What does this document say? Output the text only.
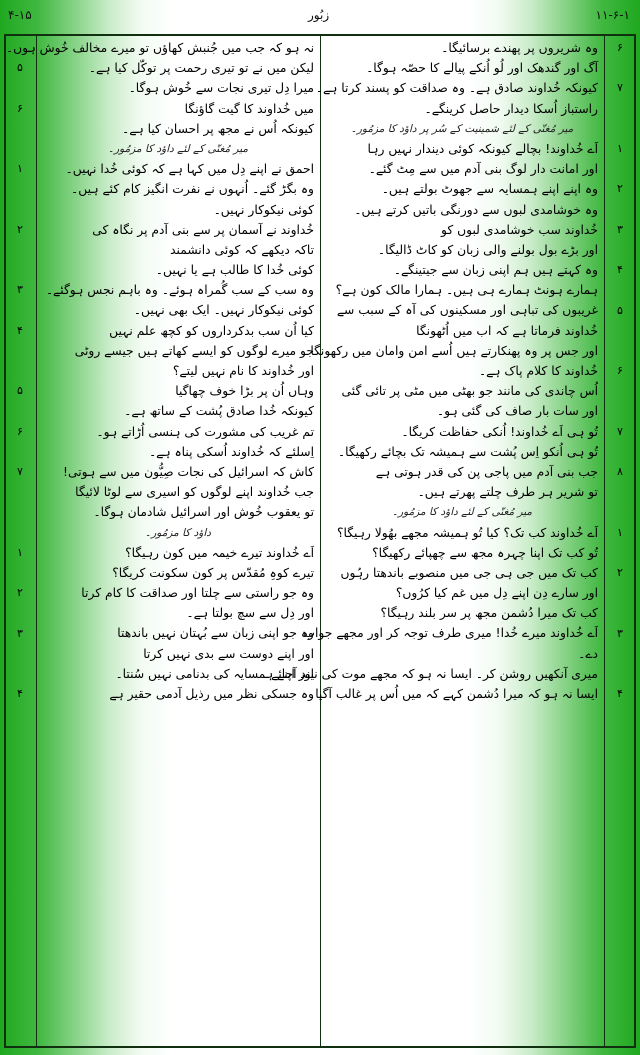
۴-۱۵	زبُور	۱۱-۶-۱
۶
۷
۱
۲
۳
۴
۵
۶
۷
۸
۱
۲
۳
۴
وہ شریروں پر پھندے برسائیگا۔
آگ اور گندھک اور لُو اُنکے پیالے کا حصّہ ہوگا۔
کیونکہ خُداوند صادق ہے۔ وہ صداقت کو پسند کرتا ہے۔
راستباز اُسکا دیدار حاصل کرینگے۔
میر مُغنّی کے لئے شمینیت کے سُر پر داؤد کا مزمُور۔
اَے خُداوند! بچالے کیونکہ کوئی دیندار نہیں رہا
اور امانت دار لوگ بنی آدم میں سے مِٹ گئے۔
وہ اپنے اپنے ہمسایہ سے جھوٹ بولتے ہیں۔
وہ خوشامدی لبوں سے دورنگی باتیں کرتے ہیں۔
خُداوند سب خوشامدی لبوں کو
اور بڑے بول بولنے والی زبان کو کاٹ ڈالیگا۔
وہ کہتے ہیں ہم اپنی زبان سے جیتینگے۔
ہمارے ہونٹ ہمارے ہی ہیں۔ ہمارا مالک کون ہے؟
غریبوں کی تباہی اور مسکینوں کی آہ کے سبب سے
خُداوند فرماتا ہے کہ اب میں اُٹھونگا
اور جس پر وہ پھنکارتے ہیں اُسے امن وامان میں رکھونگا۔
خُداوند کا کلام پاک ہے۔
اُس چاندی کی مانند جو بھٹی میں مٹی پر تائی گئی
اور سات بار صاف کی گئی ہو۔
تُو ہی اَے خُداوند! اُنکی حفاظت کریگا۔
تُو ہی اُنکو اِس پُشت سے ہمیشہ تک بچائے رکھیگا۔
جب بنی آدم میں پاجی پن کی قدر ہوتی ہے
تو شریر ہر طرف چلتے پھرتے ہیں۔
میر مُغنّی کے لئے داؤد کا مزمُور۔
اَے خُداوند کب تک؟ کیا تُو ہمیشہ مجھے بھُولا رہیگا؟
تُو کب تک اپنا چہرہ مجھ سے چھپائے رکھیگا؟
کب تک میں جی ہی جی میں منصوبے باندھتا رہُوں
اور سارے دِن اپنے دِل میں غم کیا کرُوں؟
کب تک میرا دُشمن مجھ پر سر بلند رہیگا؟
اَے خُداوند میرے خُدا! میری طرف توجہ کر اور مجھے جواب
دے۔
میری آنکھیں روشن کر۔ ایسا نہ ہو کہ مجھے موت کی نیند آجائے۔
ایسا نہ ہو کہ میرا دُشمن کہے کہ میں اُس پر غالب آگیا۔
نہ ہو کہ جب میں جُنبش کھاؤں تو میرے مخالف خُوش ہوں۔
لیکن میں نے تو تیری رحمت پر توکّل کیا ہے۔
میرا دِل تیری نجات سے خُوش ہوگا۔
میں خُداوند کا گیت گاؤنگا
کیونکہ اُس نے مجھ پر احسان کیا ہے۔
میر مُغنّی کے لئے داؤد کا مزمُور۔
احمق نے اپنے دِل میں کہا ہے کہ کوئی خُدا نہیں۔
وہ بگڑ گئے۔ اُنہوں نے نفرت انگیز کام کئے ہیں۔
کوئی نیکوکار نہیں۔
خُداوند نے آسمان پر سے بنی آدم پر نگاہ کی
تاکہ دیکھے کہ کوئی دانشمند
کوئی خُدا کا طالب ہے یا نہیں۔
وہ سب کے سب گُمراہ ہوئے۔ وہ باہم نجس ہوگئے۔
کوئی نیکوکار نہیں۔ ایک بھی نہیں۔
کیا اُن سب بدکرداروں کو کچھ علم نہیں
جو میرے لوگوں کو ایسے کھاتے ہیں جیسے روٹی
اور خُداوند کا نام نہیں لیتے؟
وہاں اُن پر بڑا خوف چھاگیا
کیونکہ خُدا صادق پُشت کے ساتھ ہے۔
تم غریب کی مشورت کی ہنسی اُڑاتے ہو۔
اِسلئے کہ خُداوند اُسکی پناہ ہے۔
کاش کہ اسرائیل کی نجات صِیُّون میں سے ہوتی!
جب خُداوند اپنے لوگوں کو اسیری سے لوٹا لائیگا
تو یعقوب خُوش اور اسرائیل شادمان ہوگا۔
داؤد کا مزمُور۔
اَے خُداوند تیرے خیمہ میں کون رہیگا؟
تیرے کوہِ مُقدّس پر کون سکونت کریگا؟
وہ جو راستی سے چلتا اور صداقت کا کام کرتا
اور دِل سے سچ بولتا ہے۔
وہ جو اپنی زبان سے بُہتان نہیں باندھتا
اور اپنے دوست سے بدی نہیں کرتا
اور اپنے ہمسایہ کی بدنامی نہیں سُنتا۔
وہ جسکی نظر میں رذیل آدمی حقیر ہے
۵
۶
۱
۲
۳
۴
۵
۶
۷
۱
۲
۳
۴
